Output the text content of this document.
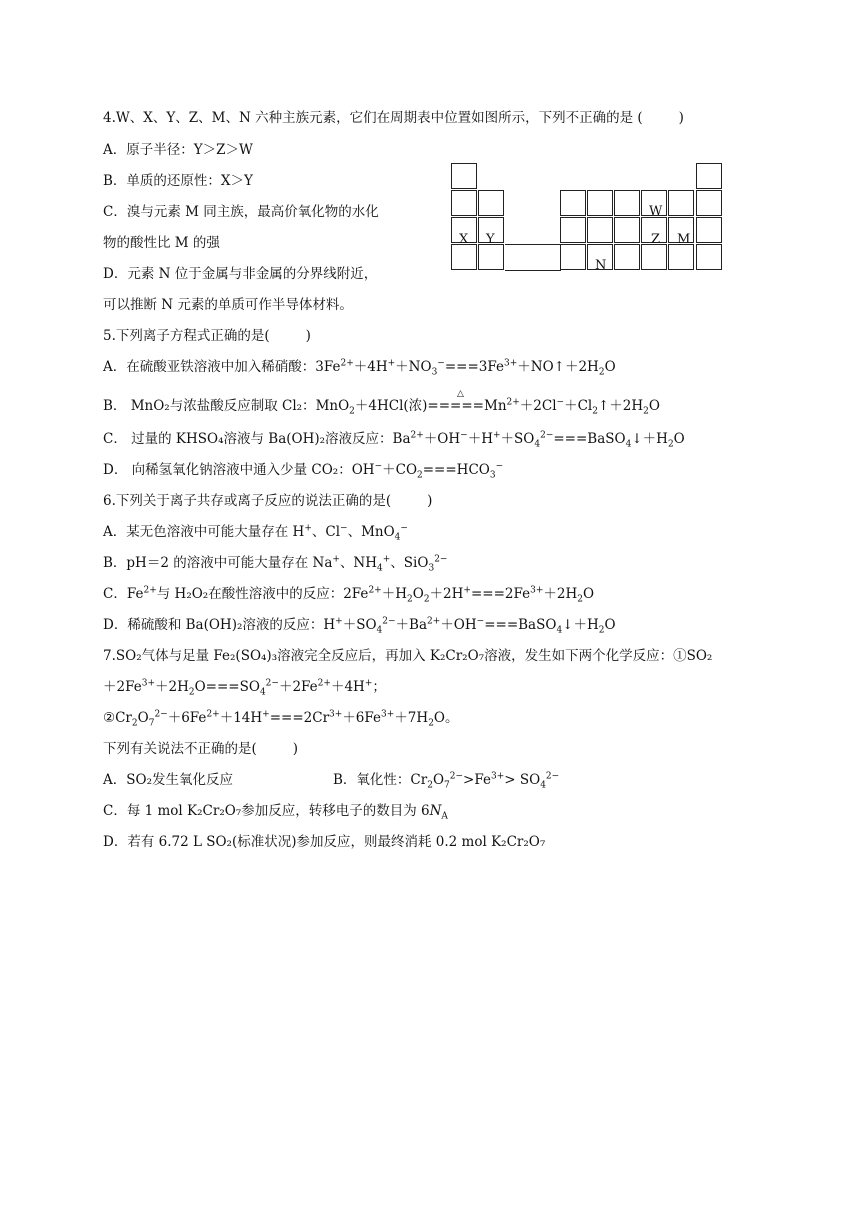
4.W、X、Y、Z、M、N 六种主族元素，它们在周期表中位置如图所示，下列不正确的是 (	)
A．原子半径：Y＞Z＞W
B．单质的还原性：X＞Y
C．溴与元素 M 同主族，最高价氧化物的水化
物的酸性比 M 的强
D．元素 N 位于金属与非金属的分界线附近，
可以推断 N 元素的单质可作半导体材料。
W
X Y	Z M
N
5.下列离子方程式正确的是(	)
A．在硫酸亚铁溶液中加入稀硝酸：$3Fe^{2+}+4H^++NO_3^-===3Fe^{3+}+NO↑+2H_2O$
△
B． MnO₂与浓盐酸反应制取 Cl₂：MnO$_2$＋4HCl(浓)$=====Mn^{2+}+2Cl^-+Cl_2↑+2H_2O$
C． 过量的 KHSO₄溶液与 Ba(OH)₂溶液反应：$Ba^{2+}+OH^-+H^++SO_4^{2-}===BaSO_4↓+H_2O$
D． 向稀氢氧化钠溶液中通入少量 CO₂：$OH^-+CO_2===HCO_3^-$
6.下列关于离子共存或离子反应的说法正确的是(	)
A．某无色溶液中可能大量存在 H+、Cl−、MnO$_4$−
B．pH＝2 的溶液中可能大量存在 Na+、$NH_4^+$、SiO$_3^{2-}$
C．$Fe^{2+}$与 H₂O₂在酸性溶液中的反应：$2Fe^{2+}+H_2O_2+2H^+===2Fe^{3+}+2H_2O$
D．稀硫酸和 Ba(OH)₂溶液的反应：$H^++SO_4^{2-}+Ba^{2+}+OH^-===BaSO_4↓+H_2O$
7.SO₂气体与足量 Fe₂(SO₄)₃溶液完全反应后，再加入 K₂Cr₂O₇溶液，发生如下两个化学反应：①SO₂
$+2Fe^{3+}+2H_2O===SO_4^{2-}+2Fe^{2+}+4H^+$；
$②Cr_2O_7^{2-}+6Fe^{2+}+14H^+===2Cr^{3+}+6Fe^{3+}+7H_2O$。
下列有关说法不正确的是(	)
A．SO₂发生氧化反应	B．氧化性：$Cr_2O_7^{2-}>Fe^{3+}> SO_4^{2-}$
C．每 1 mol K₂Cr₂O₇参加反应，转移电子的数目为 $6N_A$
D．若有 6.72 L SO₂(标准状况)参加反应，则最终消耗 0.2 mol K₂Cr₂O₇
